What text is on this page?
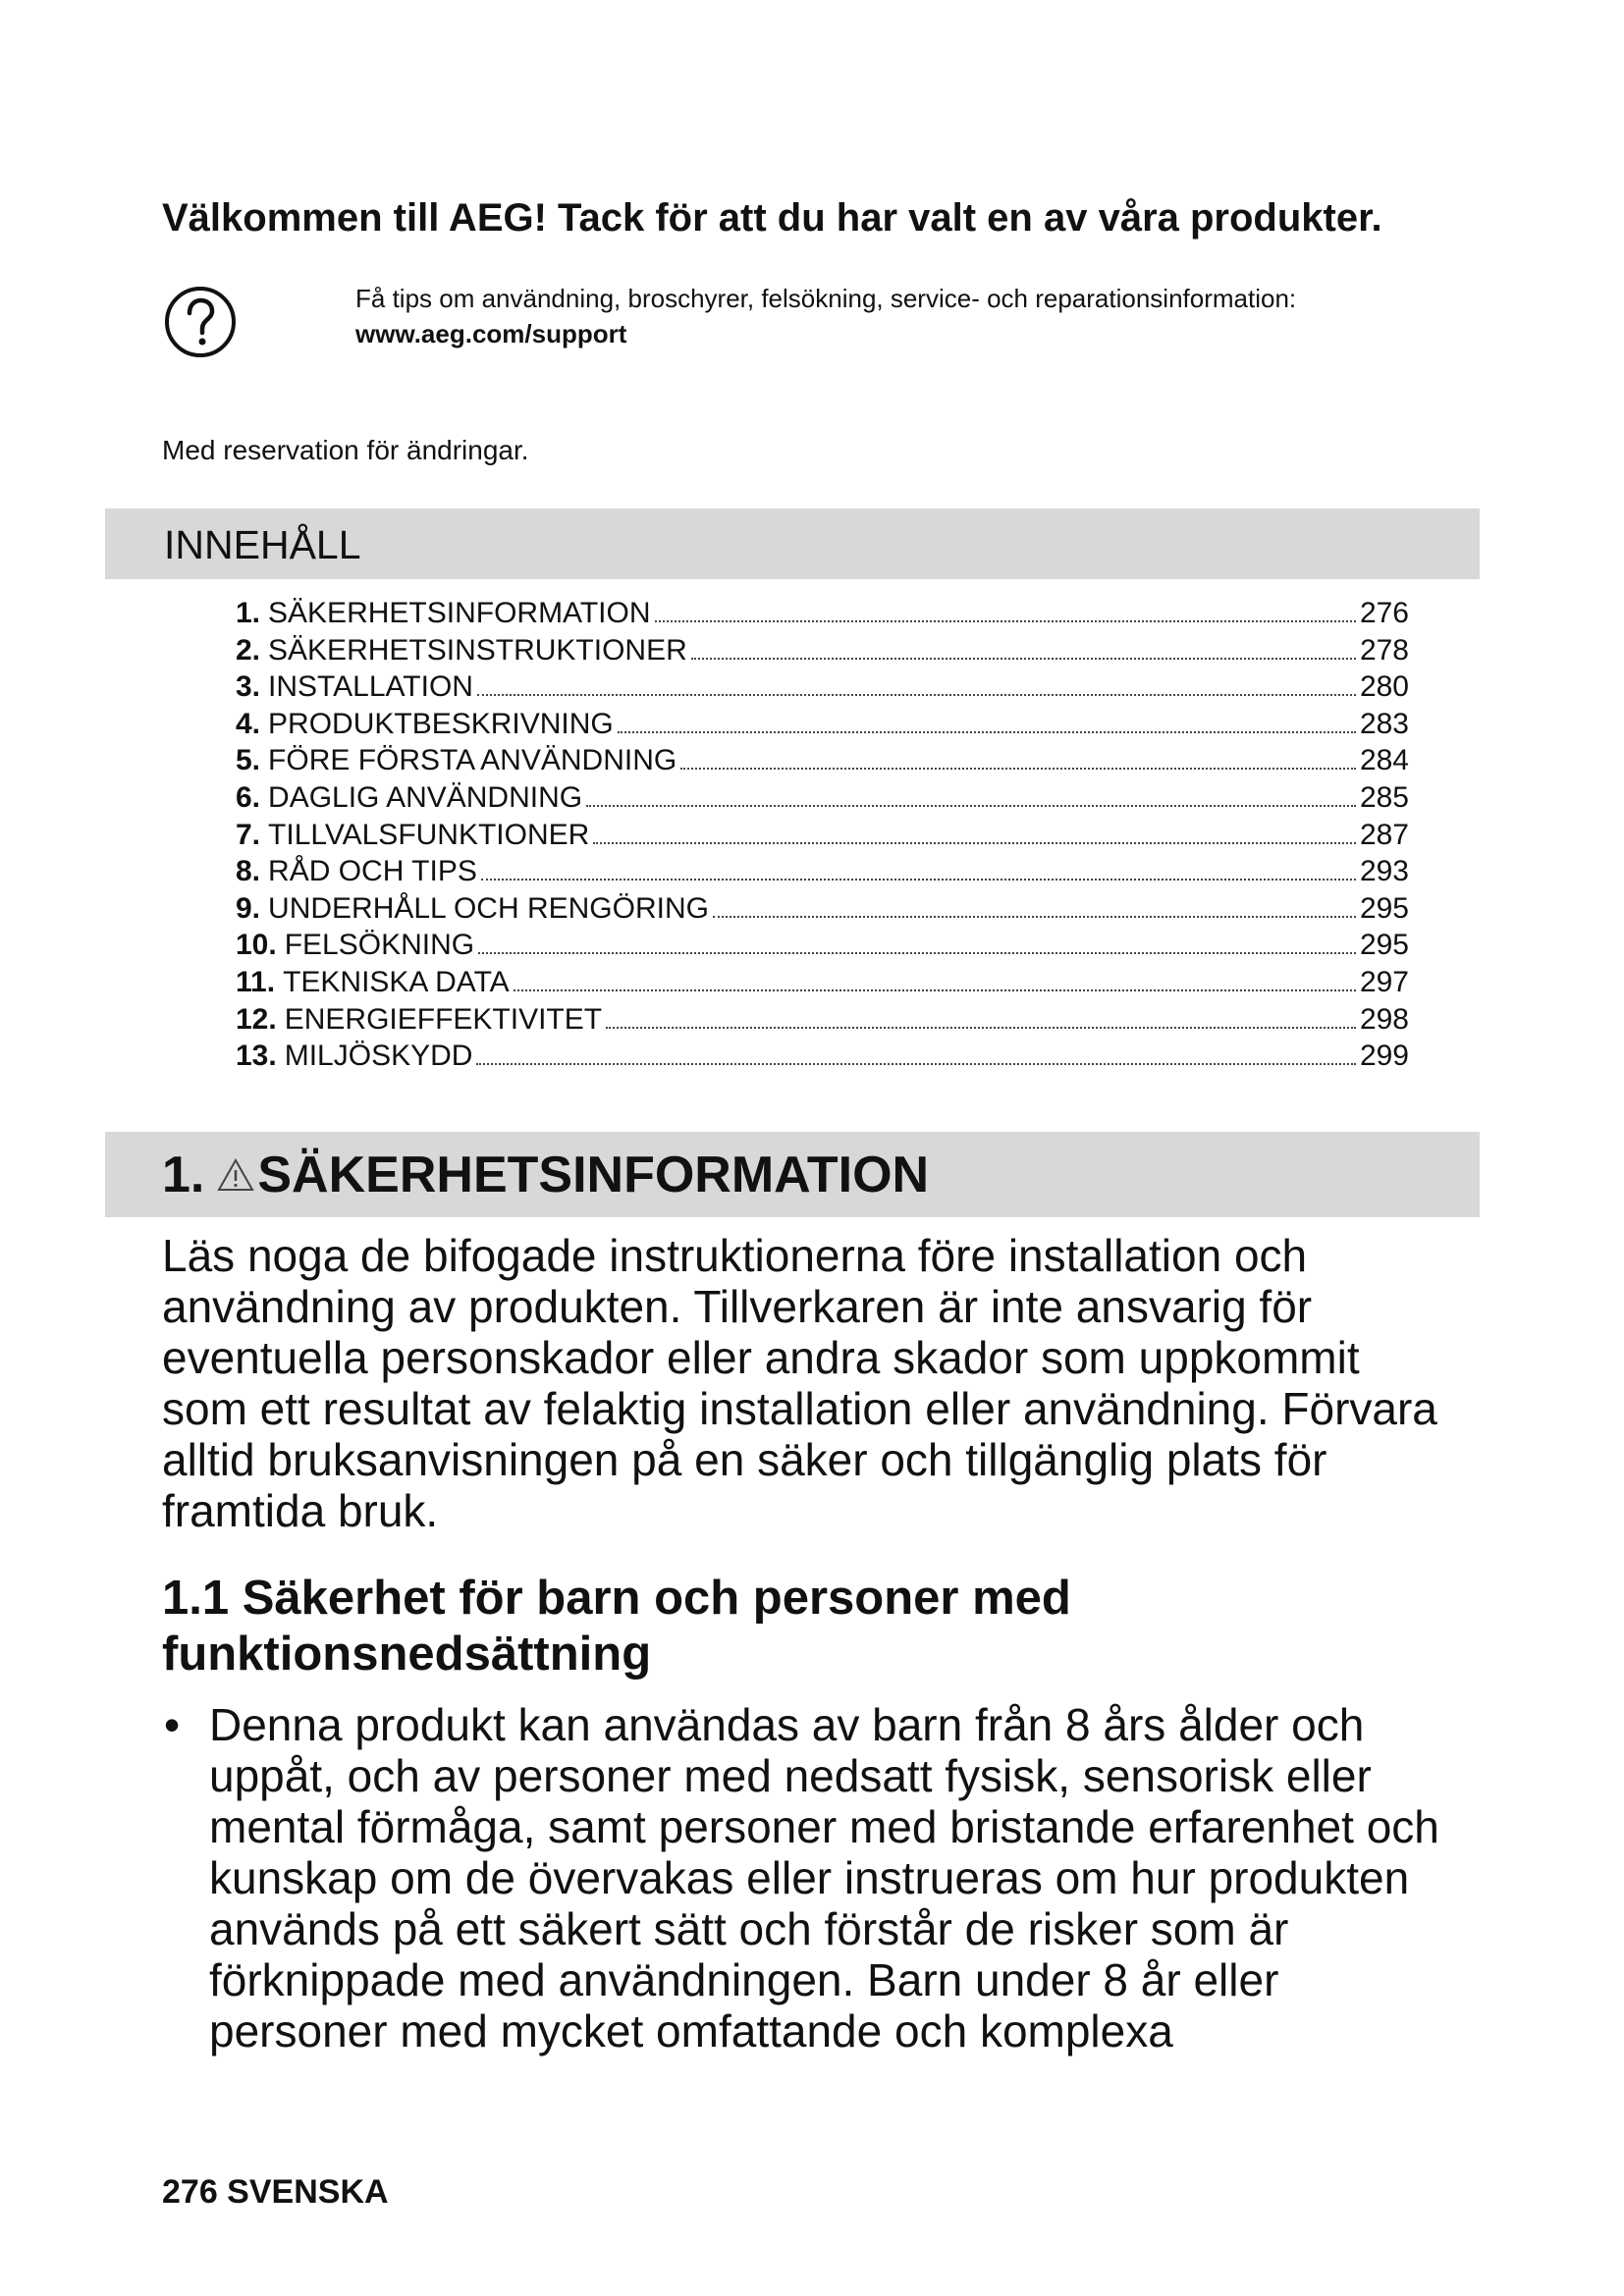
Välkommen till AEG! Tack för att du har valt en av våra produkter.
Få tips om användning, broschyrer, felsökning, service- och reparationsinformation:
www.aeg.com/support
Med reservation för ändringar.
INNEHÅLL
1. SÄKERHETSINFORMATION	276
2. SÄKERHETSINSTRUKTIONER	278
3. INSTALLATION	280
4. PRODUKTBESKRIVNING	283
5. FÖRE FÖRSTA ANVÄNDNING	284
6. DAGLIG ANVÄNDNING	285
7. TILLVALSFUNKTIONER	287
8. RÅD OCH TIPS	293
9. UNDERHÅLL OCH RENGÖRING	295
10. FELSÖKNING	295
11. TEKNISKA DATA	297
12. ENERGIEFFEKTIVITET	298
13. MILJÖSKYDD	299
1. SÄKERHETSINFORMATION

Läs noga de bifogade instruktionerna före installation och användning av produkten. Tillverkaren är inte ansvarig för eventuella personskador eller andra skador som uppkommit som ett resultat av felaktig installation eller användning. Förvara alltid bruksanvisningen på en säker och tillgänglig plats för framtida bruk.

1.1 Säkerhet för barn och personer med funktionsnedsättning

• Denna produkt kan användas av barn från 8 års ålder och uppåt, och av personer med nedsatt fysisk, sensorisk eller mental förmåga, samt personer med bristande erfarenhet och kunskap om de övervakas eller instrueras om hur produkten används på ett säkert sätt och förstår de risker som är förknippade med användningen. Barn under 8 år eller personer med mycket omfattande och komplexa

276 SVENSKA
